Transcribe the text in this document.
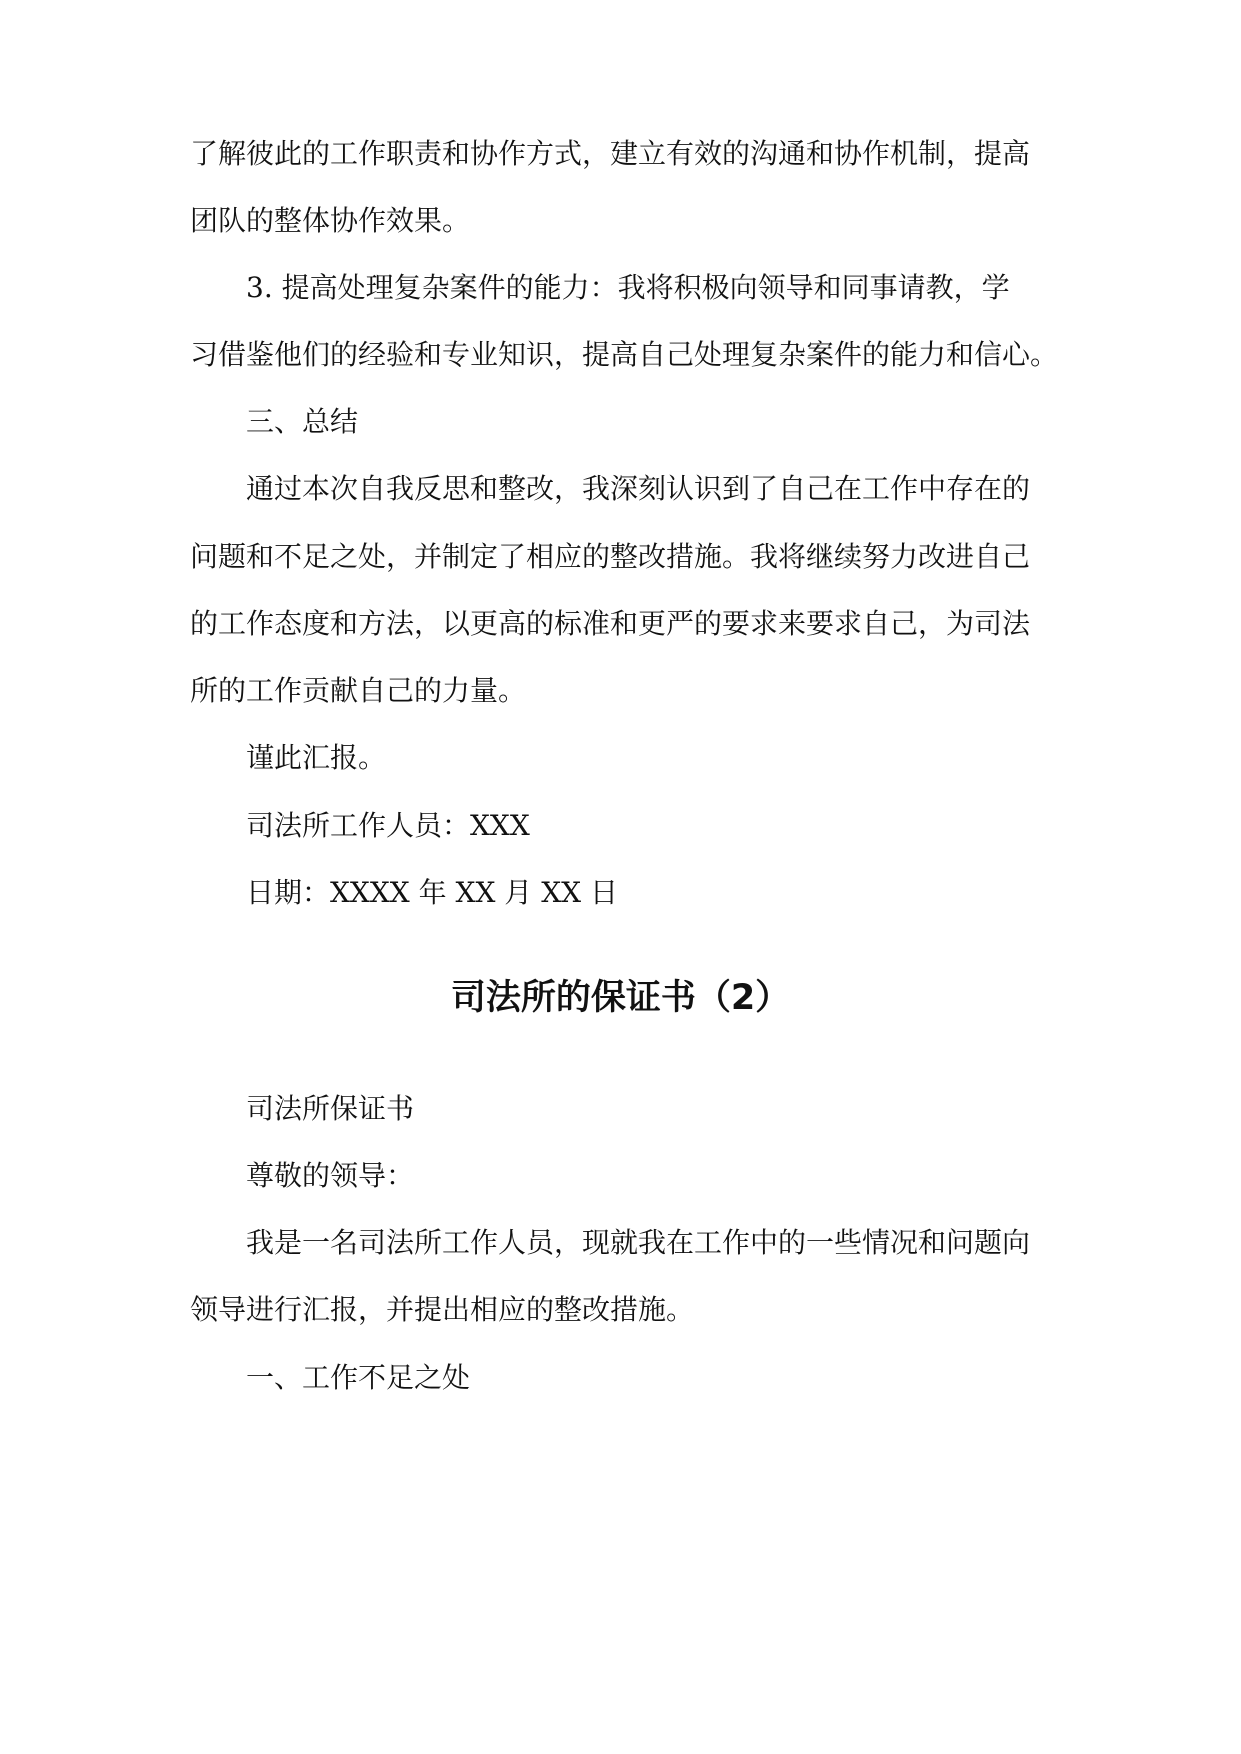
了解彼此的工作职责和协作方式，建立有效的沟通和协作机制，提高
团队的整体协作效果。
3. 提高处理复杂案件的能力：我将积极向领导和同事请教，学
习借鉴他们的经验和专业知识，提高自己处理复杂案件的能力和信心。
三、总结
通过本次自我反思和整改，我深刻认识到了自己在工作中存在的
问题和不足之处，并制定了相应的整改措施。我将继续努力改进自己
的工作态度和方法，以更高的标准和更严的要求来要求自己，为司法
所的工作贡献自己的力量。
谨此汇报。
司法所工作人员：XXX
日期：XXXX 年 XX 月 XX 日
司法所的保证书（2）
司法所保证书
尊敬的领导：
我是一名司法所工作人员，现就我在工作中的一些情况和问题向
领导进行汇报，并提出相应的整改措施。
一、工作不足之处
